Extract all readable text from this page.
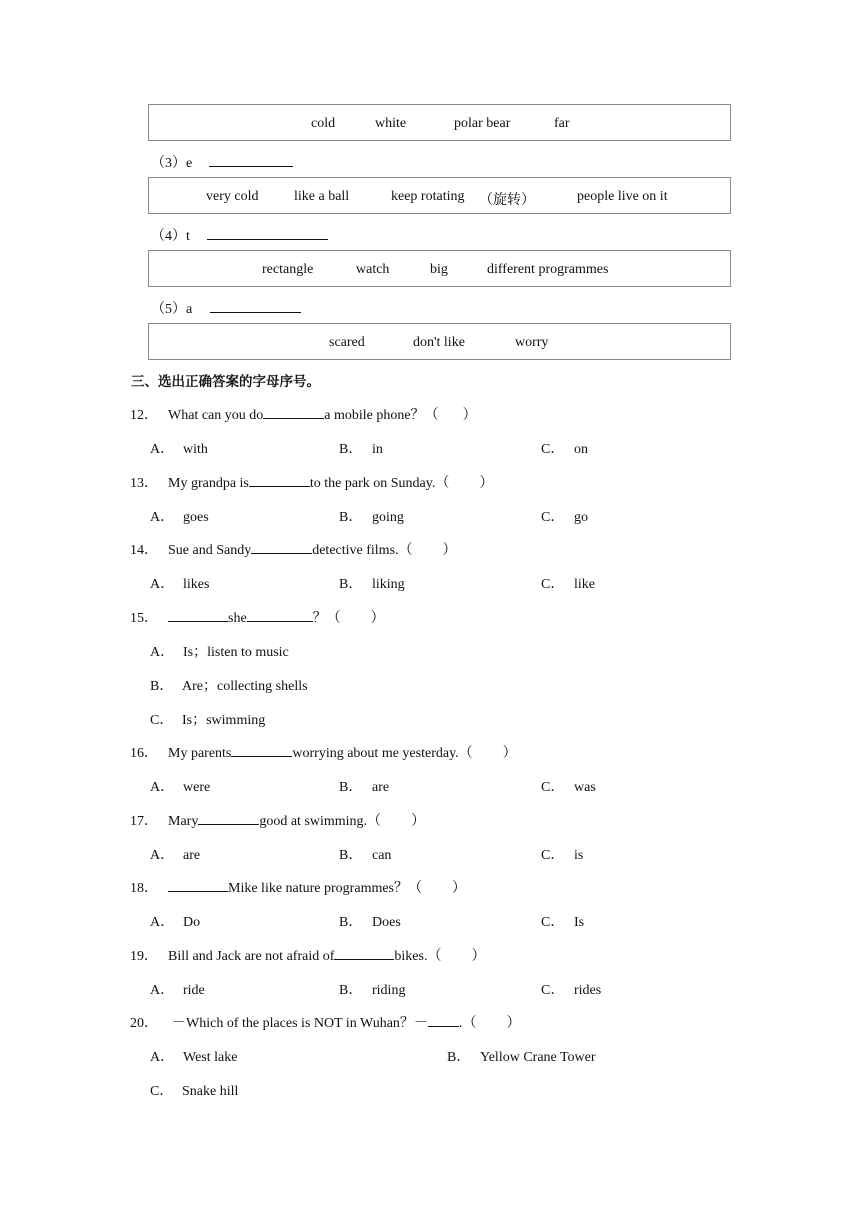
cold	white	polar bear	far
（3）e
very cold	like a ball	keep rotating （旋转）	people live on it
（4）t
rectangle	watch	big	different programmes
（5）a
scared	don't like	worry
三、选出正确答案的字母序号。
12． What can you do	a mobile phone？（ ）
A． with	B． in	C． on
13． My grandpa is	to the park on Sunday.（ ）
A． goes	B． going	C． go
14． Sue and Sandy	detective films.（ ）
A． likes	B． liking	C． like
15．	she	？（ ）
A． Is；listen to music
B． Are；collecting shells
C． Is；swimming
16． My parents	worrying about me yesterday.（ ）
A． were	B． are	C． was
17． Mary	good at swimming.（ ）
A． are	B． can	C． is
18．	Mike like nature programmes？（ ）
A． Do	B． Does	C． Is
19． Bill and Jack are not afraid of	bikes.（ ）
A． ride	B． riding	C． rides
20． －Which of the places is NOT in Wuhan？－ .（ ）
A． West lake	B． Yellow Crane Tower
C． Snake hill
